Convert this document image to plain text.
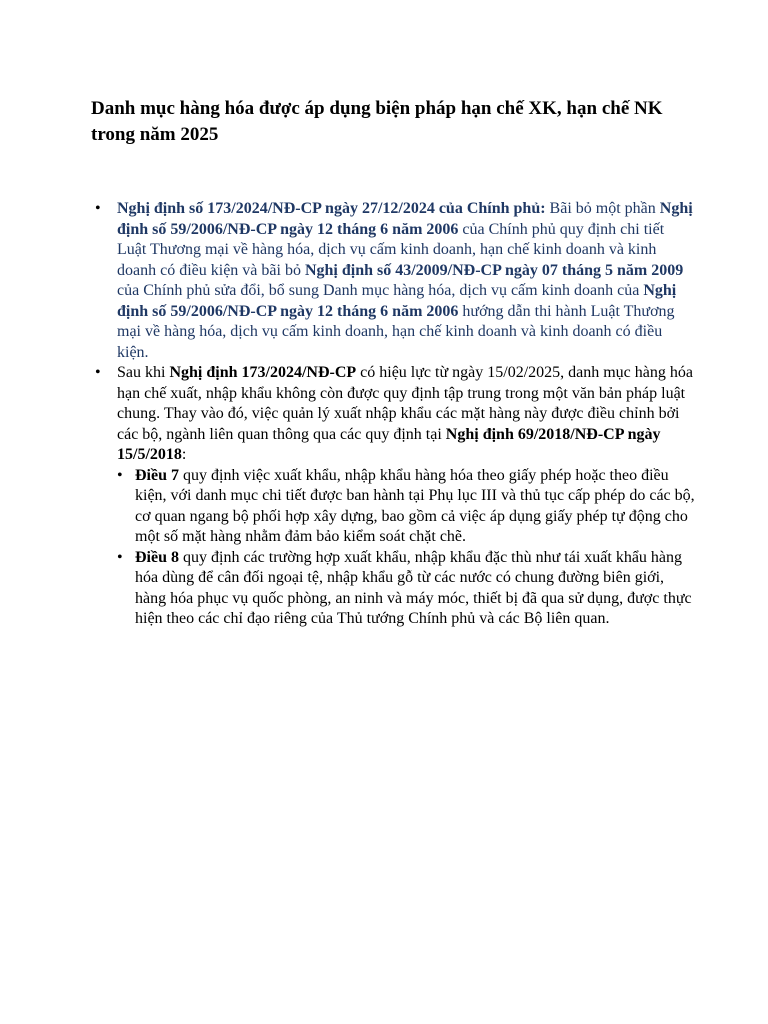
Danh mục hàng hóa được áp dụng biện pháp hạn chế XK, hạn chế NK trong năm 2025
•	Nghị định số 173/2024/NĐ-CP ngày 27/12/2024 của Chính phủ: Bãi bỏ một phần Nghị định số 59/2006/NĐ-CP ngày 12 tháng 6 năm 2006 của Chính phủ quy định chi tiết Luật Thương mại về hàng hóa, dịch vụ cấm kinh doanh, hạn chế kinh doanh và kinh doanh có điều kiện và bãi bỏ Nghị định số 43/2009/NĐ-CP ngày 07 tháng 5 năm 2009 của Chính phủ sửa đổi, bổ sung Danh mục hàng hóa, dịch vụ cấm kinh doanh của Nghị định số 59/2006/NĐ-CP ngày 12 tháng 6 năm 2006 hướng dẫn thi hành Luật Thương mại về hàng hóa, dịch vụ cấm kinh doanh, hạn chế kinh doanh và kinh doanh có điều kiện.
•	Sau khi Nghị định 173/2024/NĐ-CP có hiệu lực từ ngày 15/02/2025, danh mục hàng hóa hạn chế xuất, nhập khẩu không còn được quy định tập trung trong một văn bản pháp luật chung. Thay vào đó, việc quản lý xuất nhập khẩu các mặt hàng này được điều chỉnh bởi các bộ, ngành liên quan thông qua các quy định tại Nghị định 69/2018/NĐ-CP ngày 15/5/2018:
• Điều 7 quy định việc xuất khẩu, nhập khẩu hàng hóa theo giấy phép hoặc theo điều kiện, với danh mục chi tiết được ban hành tại Phụ lục III và thủ tục cấp phép do các bộ, cơ quan ngang bộ phối hợp xây dựng, bao gồm cả việc áp dụng giấy phép tự động cho một số mặt hàng nhằm đảm bảo kiểm soát chặt chẽ.
• Điều 8 quy định các trường hợp xuất khẩu, nhập khẩu đặc thù như tái xuất khẩu hàng hóa dùng để cân đối ngoại tệ, nhập khẩu gỗ từ các nước có chung đường biên giới, hàng hóa phục vụ quốc phòng, an ninh và máy móc, thiết bị đã qua sử dụng, được thực hiện theo các chỉ đạo riêng của Thủ tướng Chính phủ và các Bộ liên quan.
